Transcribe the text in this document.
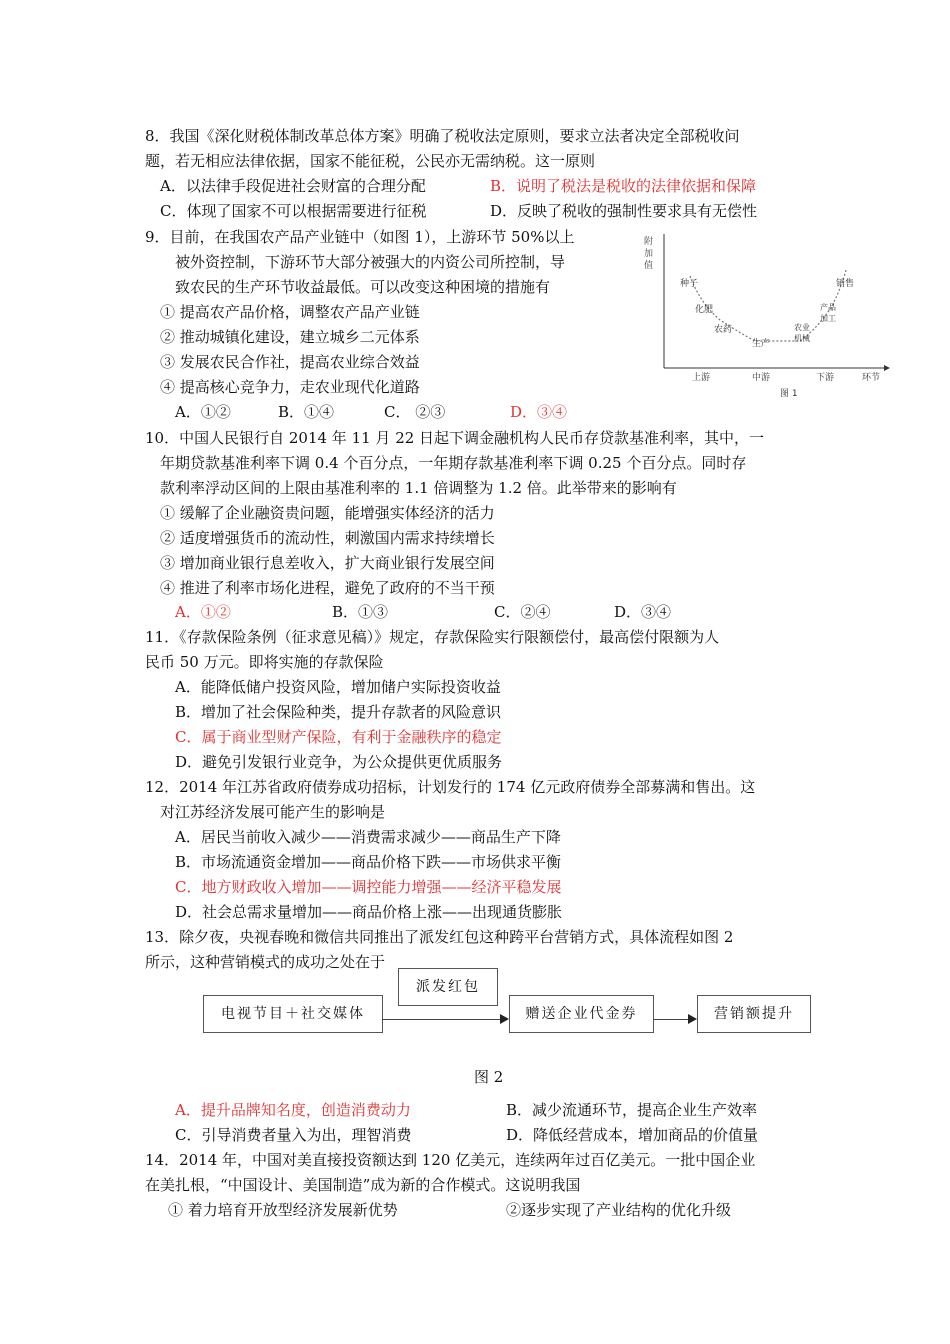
8．我国《深化财税体制改革总体方案》明确了税收法定原则，要求立法者决定全部税收问
题，若无相应法律依据，国家不能征税，公民亦无需纳税。这一原则
A．以法律手段促进社会财富的合理分配	B．说明了税法是税收的法律依据和保障
C．体现了国家不可以根据需要进行征税	D．反映了税收的强制性要求具有无偿性
9．目前，在我国农产品产业链中（如图 1），上游环节 50%以上
被外资控制，下游环节大部分被强大的内资公司所控制，导
致农民的生产环节收益最低。可以改变这种困境的措施有
① 提高农产品价格，调整农产品产业链
② 推动城镇化建设，建立城乡二元体系
③ 发展农民合作社，提高农业综合效益
④ 提高核心竞争力，走农业现代化道路
A．①②	B．①④	C． ②③	D．③④
附
加
值
种子
化肥
农药
生产
农业
机械
产品
加工
销售
上游	中游	下游	环节
图 1
10．中国人民银行自 2014 年 11 月 22 日起下调金融机构人民币存贷款基准利率，其中，一
年期贷款基准利率下调 0.4 个百分点，一年期存款基准利率下调 0.25 个百分点。同时存
款利率浮动区间的上限由基准利率的 1.1 倍调整为 1.2 倍。此举带来的影响有
① 缓解了企业融资贵问题，能增强实体经济的活力
② 适度增强货币的流动性，刺激国内需求持续增长
③ 增加商业银行息差收入，扩大商业银行发展空间
④ 推进了利率市场化进程，避免了政府的不当干预
A．①②	B．①③	C．②④	D．③④
11．《存款保险条例（征求意见稿）》规定，存款保险实行限额偿付，最高偿付限额为人
民币 50 万元。即将实施的存款保险
A．能降低储户投资风险，增加储户实际投资收益
B．增加了社会保险种类，提升存款者的风险意识
C．属于商业型财产保险，有利于金融秩序的稳定
D．避免引发银行业竞争，为公众提供更优质服务
12．2014 年江苏省政府债券成功招标，计划发行的 174 亿元政府债券全部募满和售出。这
对江苏经济发展可能产生的影响是
A．居民当前收入减少——消费需求减少——商品生产下降
B．市场流通资金增加——商品价格下跌——市场供求平衡
C．地方财政收入增加——调控能力增强——经济平稳发展
D．社会总需求量增加——商品价格上涨——出现通货膨胀
13．除夕夜，央视春晚和微信共同推出了派发红包这种跨平台营销方式，具体流程如图 2
所示，这种营销模式的成功之处在于
派发红包
电视节目＋社交媒体	赠送企业代金券	营销额提升
图 2
A．提升品牌知名度，创造消费动力	B．减少流通环节，提高企业生产效率
C．引导消费者量入为出，理智消费	D．降低经营成本，增加商品的价值量
14．2014 年，中国对美直接投资额达到 120 亿美元，连续两年过百亿美元。一批中国企业
在美扎根，“中国设计、美国制造”成为新的合作模式。这说明我国
① 着力培育开放型经济发展新优势	②逐步实现了产业结构的优化升级
